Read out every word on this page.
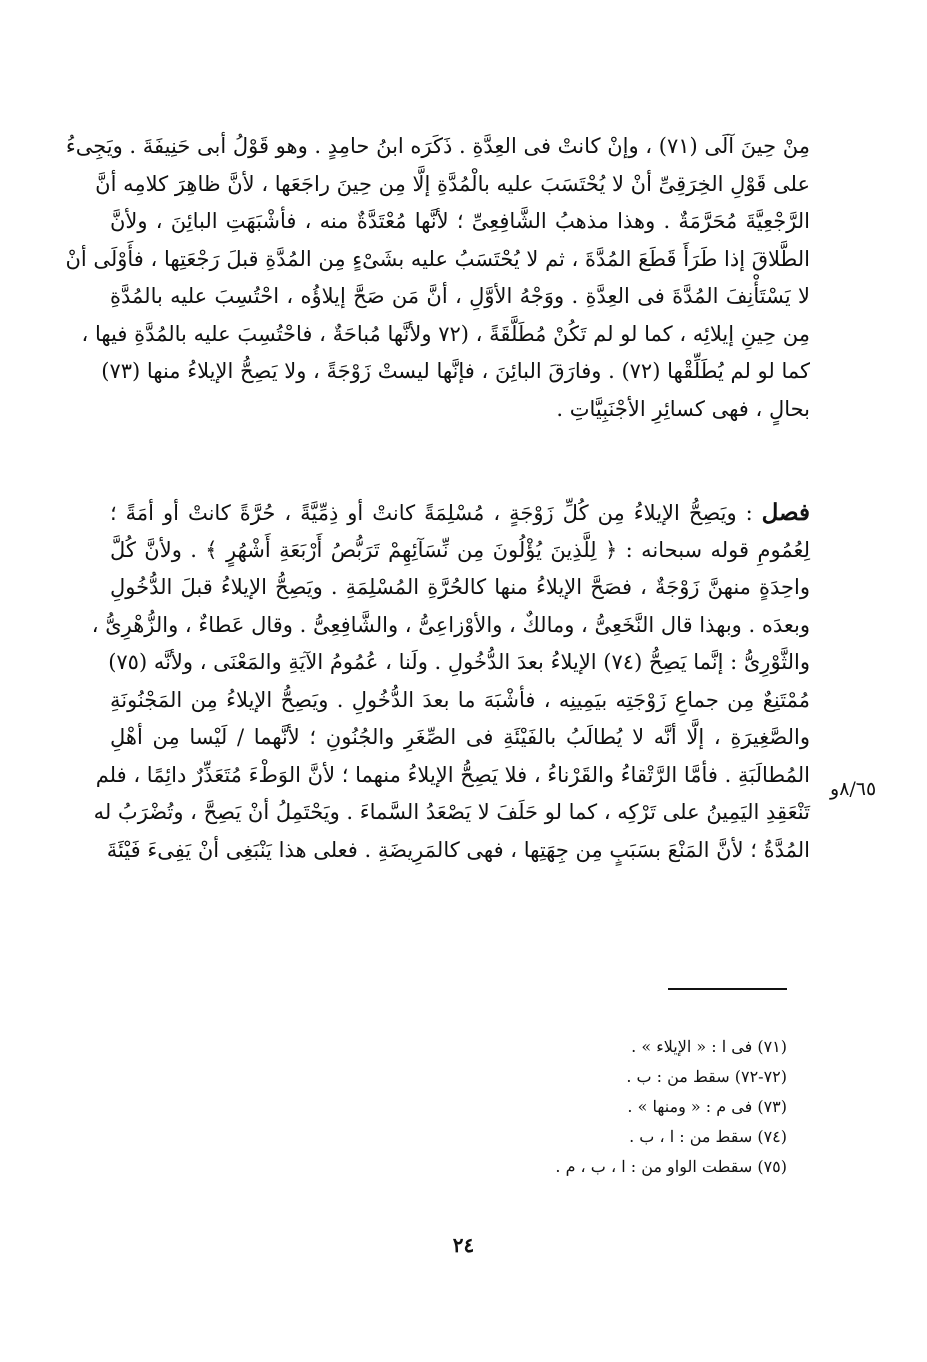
مِنْ حِينَ آلَى (٧١) ، وإنْ كانتْ فى العِدَّةِ . ذَكَرَه ابنُ حامِدٍ . وهو قَوْلُ أبى حَنِيفَةَ . ويَجِىءُ
على قَوْلِ الخِرَقِىِّ أنْ لا يُحْتَسَبَ عليه بالْمُدَّةِ إلَّا مِن حِينَ راجَعَها ، لأنَّ ظاهِرَ كلامِه أنَّ
الرَّجْعِيَّةَ مُحَرَّمَةٌ . وهذا مذهبُ الشَّافِعِىِّ ؛ لأنَّها مُعْتَدَّةٌ منه ، فأشْبَهَتِ البائِنَ ، ولأنَّ
الطَّلاقَ إذا طَرَأَ قَطَعَ المُدَّةَ ، ثم لا يُحْتَسَبُ عليه بشَىْءٍ مِن المُدَّةِ قبلَ رَجْعَتِها ، فأَوْلَى أنْ
لا يَسْتَأْنِفَ المُدَّةَ فى العِدَّةِ . ووَجْهُ الأوَّلِ ، أنَّ مَن صَحَّ إيلاؤُه ، احْتُسِبَ عليه بالمُدَّةِ
مِن حِينِ إيلائِه ، كما لو لم تَكُنْ مُطَلَّقَةً ، (٧٢ ولأنَّها مُباحَةٌ ، فاحْتُسِبَ عليه بالمُدَّةِ فيها ،
كما لو لم يُطَلِّقْها (٧٢) . وفارَقَ البائِنَ ، فإنَّها ليستْ زَوْجَةً ، ولا يَصِحُّ الإيلاءُ منها (٧٣)
بحالٍ ، فهى كسائِرِ الأجْنَبِيَّاتِ .
فصل : ويَصِحُّ الإيلاءُ مِن كُلِّ زَوْجَةٍ ، مُسْلِمَةً كانتْ أو ذِمِّيَّةً ، حُرَّةً كانتْ أو أمَةً ؛
لِعُمُومِ قوله سبحانه : ﴿ لِلَّذِينَ يُؤْلُونَ مِن نِّسَآئِهِمْ تَرَبُّصُ أَرْبَعَةِ أَشْهُرٍ ﴾ . ولأنَّ كُلَّ
واحِدَةٍ منهنَّ زَوْجَةٌ ، فصَحَّ الإيلاءُ منها كالحُرَّةِ المُسْلِمَةِ . ويَصِحُّ الإيلاءُ قبلَ الدُّخُولِ
وبعدَه . وبهذا قال النَّخَعِىُّ ، ومالكٌ ، والأوْزاعِىُّ ، والشَّافِعِىُّ . وقال عَطاءٌ ، والزُّهْرِىُّ ،
والثَّوْرِىُّ : إنَّما يَصِحُّ (٧٤) الإيلاءُ بعدَ الدُّخُولِ . ولَنا ، عُمُومُ الآيَةِ والمَعْنَى ، ولأنَّه (٧٥)
مُمْتَنِعٌ مِن جماعِ زَوْجَتِه بيَمِينِه ، فأشْبَهَ ما بعدَ الدُّخُولِ . ويَصِحُّ الإيلاءُ مِن المَجْنُونَةِ
والصَّغِيرَةِ ، إلَّا أنَّه لا يُطالَبُ بالفَيْئَةِ فى الصِّغَرِ والجُنُونِ ؛ لأنَّهما / لَيْسا مِن أهْلِ
المُطالَبَةِ . فأمَّا الرَّتْقاءُ والقَرْناءُ ، فلا يَصِحُّ الإيلاءُ منهما ؛ لأنَّ الوَطْءَ مُتَعَذِّرٌ دائِمًا ، فلم
تَنْعَقِدِ اليَمِينُ على تَرْكِه ، كما لو حَلَفَ لا يَصْعَدُ السَّماءَ . ويَحْتَمِلُ أنْ يَصِحَّ ، وتُضْرَبُ له
المُدَّةُ ؛ لأنَّ المَنْعَ بسَبَبٍ مِن جِهَتِها ، فهى كالمَرِيضَةِ . فعلى هذا يَنْبَغِى أنْ يَفِىءَ فَيْئَةَ
٨/٦٥و
(٧١) فى ا : « الإيلاء » .
(٧٢-٧٢) سقط من : ب .
(٧٣) فى م : « ومنها » .
(٧٤) سقط من : ا ، ب .
(٧٥) سقطت الواو من : ا ، ب ، م .
٢٤
